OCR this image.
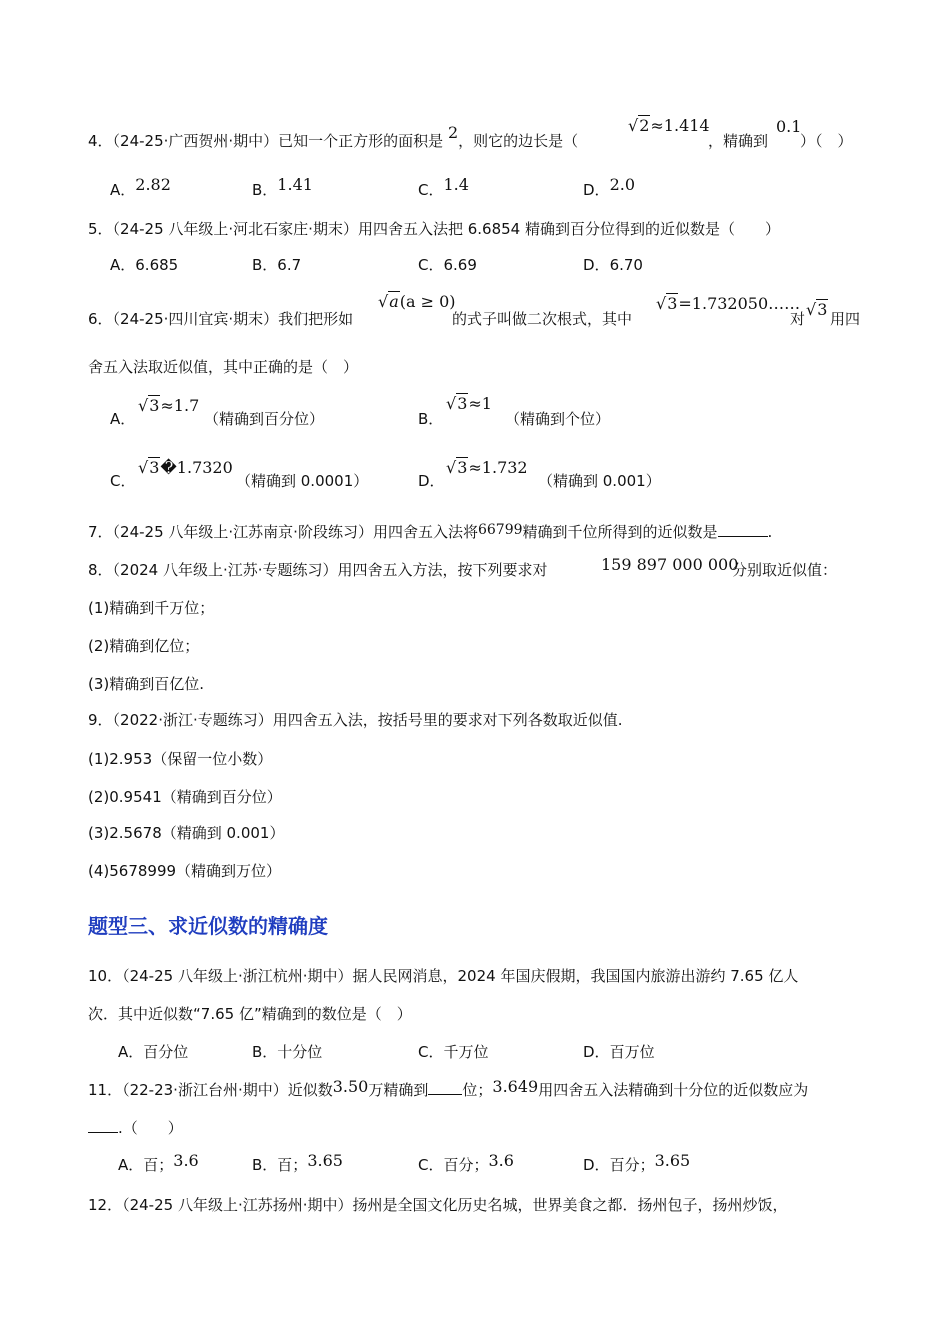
4．（24-25·广西贺州·期中）已知一个正方形的面积是 2，则它的边长是（
√2≈1.414
，精确到
0.1
）（　）
A．2.82	B．1.41	C．1.4	D．2.0
5．（24-25 八年级上·河北石家庄·期末）用四舍五入法把 6.6854 精确到百分位得到的近似数是（　　）
A．6.685	B．6.7	C．6.69	D．6.70
6．（24-25·四川宜宾·期末）我们把形如
√a(a ≥ 0)
的式子叫做二次根式，其中
√3=1.732050……
对 √3 用四
舍五入法取近似值，其中正确的是（　）
A．
√3≈1.7
（精确到百分位）	B．
√3≈1
（精确到个位）
C．
√3�1.7320
（精确到 0.0001）	D．
√3≈1.732
（精确到 0.001）
7．（24-25 八年级上·江苏南京·阶段练习）用四舍五入法将66799精确到千位所得到的近似数是	.
8．（2024 八年级上·江苏·专题练习）用四舍五入方法，按下列要求对	159 897 000 000
分别取近似值：
(1)精确到千万位；
(2)精确到亿位；
(3)精确到百亿位.
9．（2022·浙江·专题练习）用四舍五入法，按括号里的要求对下列各数取近似值.
(1)2.953（保留一位小数）
(2)0.9541（精确到百分位）
(3)2.5678（精确到 0.001）
(4)5678999（精确到万位）
题型三、求近似数的精确度
10．（24-25 八年级上·浙江杭州·期中）据人民网消息，2024 年国庆假期，我国国内旅游出游约 7.65 亿人
次．其中近似数“7.65 亿”精确到的数位是（　）
A．百分位	B．十分位	C．千万位	D．百万位
11．（22-23·浙江台州·期中）近似数3.50万精确到 位；3.649用四舍五入法精确到十分位的近似数应为
.（　　）
A．百；3.6	B．百；3.65	C．百分；3.6	D．百分；3.65
12．（24-25 八年级上·江苏扬州·期中）扬州是全国文化历史名城，世界美食之都．扬州包子，扬州炒饭，
